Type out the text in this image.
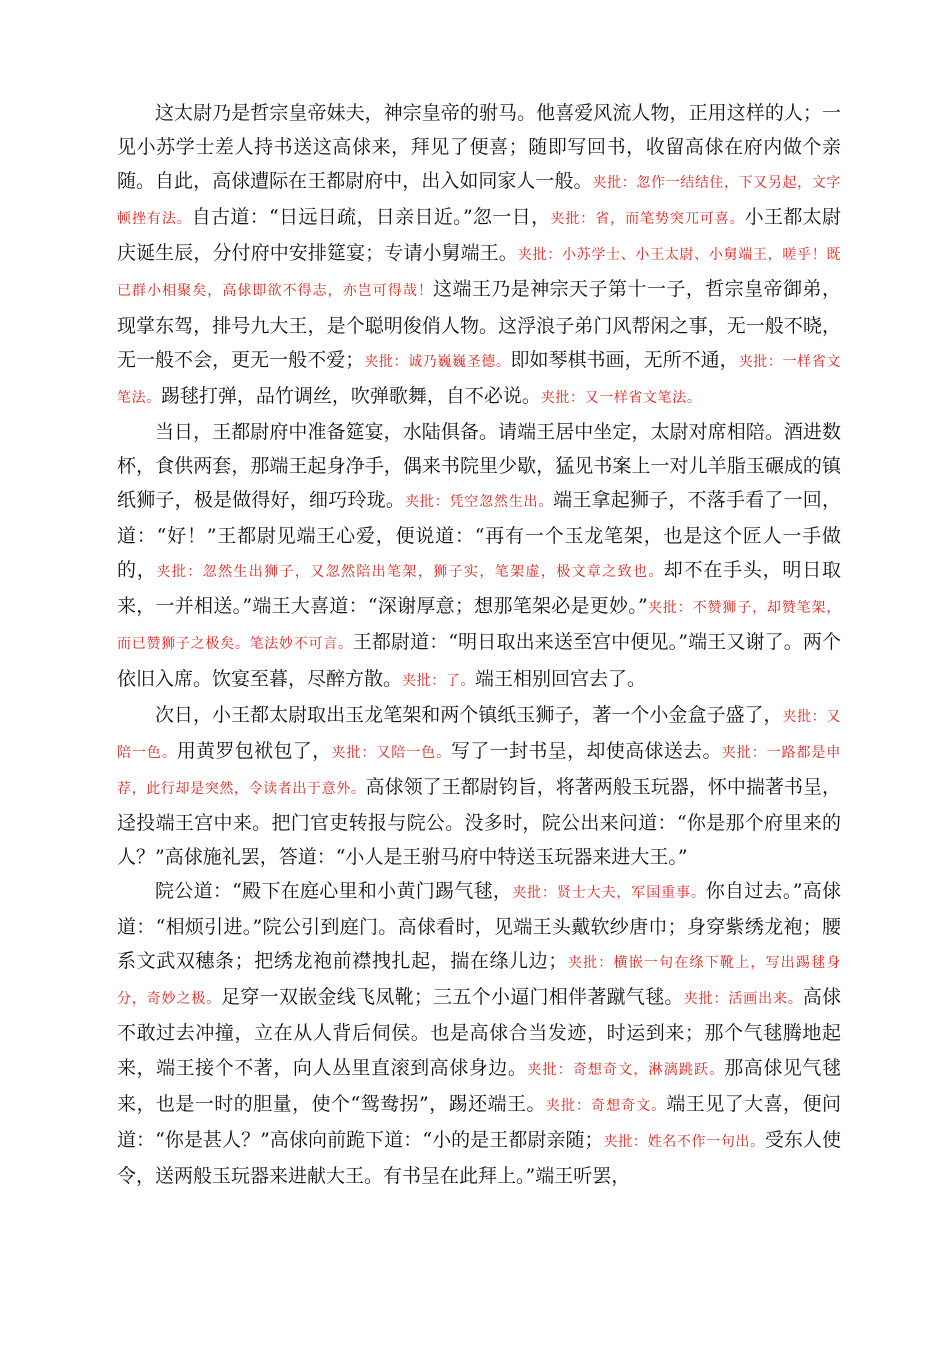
这太尉乃是哲宗皇帝妹夫，神宗皇帝的驸马。他喜爱风流人物，正用这样的人；一见小苏学士差人持书送这高俅来，拜见了便喜；随即写回书，收留高俅在府内做个亲随。自此，高俅遭际在王都尉府中，出入如同家人一般。夹批：忽作一结结住，下又另起，文字顿挫有法。自古道：“日远日疏，日亲日近。”忽一日，夹批：省，而笔势突兀可喜。小王都太尉庆诞生辰，分付府中安排筵宴；专请小舅端王。夹批：小苏学士、小王太尉、小舅端王，嗟乎！既已群小相聚矣，高俅即欲不得志，亦岂可得哉！这端王乃是神宗天子第十一子，哲宗皇帝御弟，现掌东驾，排号九大王，是个聪明俊俏人物。这浮浪子弟门风帮闲之事，无一般不晓，无一般不会，更无一般不爱；夹批：诚乃巍巍圣德。即如琴棋书画，无所不通，夹批：一样省文笔法。踢毬打弹，品竹调丝，吹弹歌舞，自不必说。夹批：又一样省文笔法。

当日，王都尉府中准备筵宴，水陆俱备。请端王居中坐定，太尉对席相陪。酒进数杯，食供两套，那端王起身净手，偶来书院里少歇，猛见书案上一对儿羊脂玉碾成的镇纸狮子，极是做得好，细巧玲珑。夹批：凭空忽然生出。端王拿起狮子，不落手看了一回，道：“好！”王都尉见端王心爱，便说道：“再有一个玉龙笔架，也是这个匠人一手做的，夹批：忽然生出狮子，又忽然陪出笔架，狮子实，笔架虚，极文章之致也。却不在手头，明日取来，一并相送。”端王大喜道：“深谢厚意；想那笔架必是更妙。”夹批：不赞狮子，却赞笔架，而已赞狮子之极矣。笔法妙不可言。王都尉道：“明日取出来送至宫中便见。”端王又谢了。两个依旧入席。饮宴至暮，尽醉方散。夹批：了。端王相别回宫去了。

次日，小王都太尉取出玉龙笔架和两个镇纸玉狮子，著一个小金盒子盛了，夹批：又陪一色。用黄罗包袱包了，夹批：又陪一色。写了一封书呈，却使高俅送去。夹批：一路都是申荐，此行却是突然，令读者出于意外。高俅领了王都尉钧旨，将著两般玉玩器，怀中揣著书呈，迳投端王宫中来。把门官吏转报与院公。没多时，院公出来问道：“你是那个府里来的人？”高俅施礼罢，答道：“小人是王驸马府中特送玉玩器来进大王。”

院公道：“殿下在庭心里和小黄门踢气毬，夹批：贤士大夫，军国重事。你自过去。”高俅道：“相烦引进。”院公引到庭门。高俅看时，见端王头戴软纱唐巾；身穿紫绣龙袍；腰系文武双穗条；把绣龙袍前襟拽扎起，揣在绦儿边；夹批：横嵌一句在绦下靴上，写出踢毬身分，奇妙之极。足穿一双嵌金线飞凤靴；三五个小逼门相伴著蹴气毬。夹批：活画出来。高俅不敢过去冲撞，立在从人背后伺侯。也是高俅合当发迹，时运到来；那个气毬腾地起来，端王接个不著，向人丛里直滚到高俅身边。夹批：奇想奇文，淋漓跳跃。那高俅见气毬来，也是一时的胆量，使个“鸳鸯拐”，踢还端王。夹批：奇想奇文。端王见了大喜，便问道：“你是甚人？”高俅向前跪下道：“小的是王都尉亲随；夹批：姓名不作一句出。受东人使令，送两般玉玩器来进献大王。有书呈在此拜上。”端王听罢，
